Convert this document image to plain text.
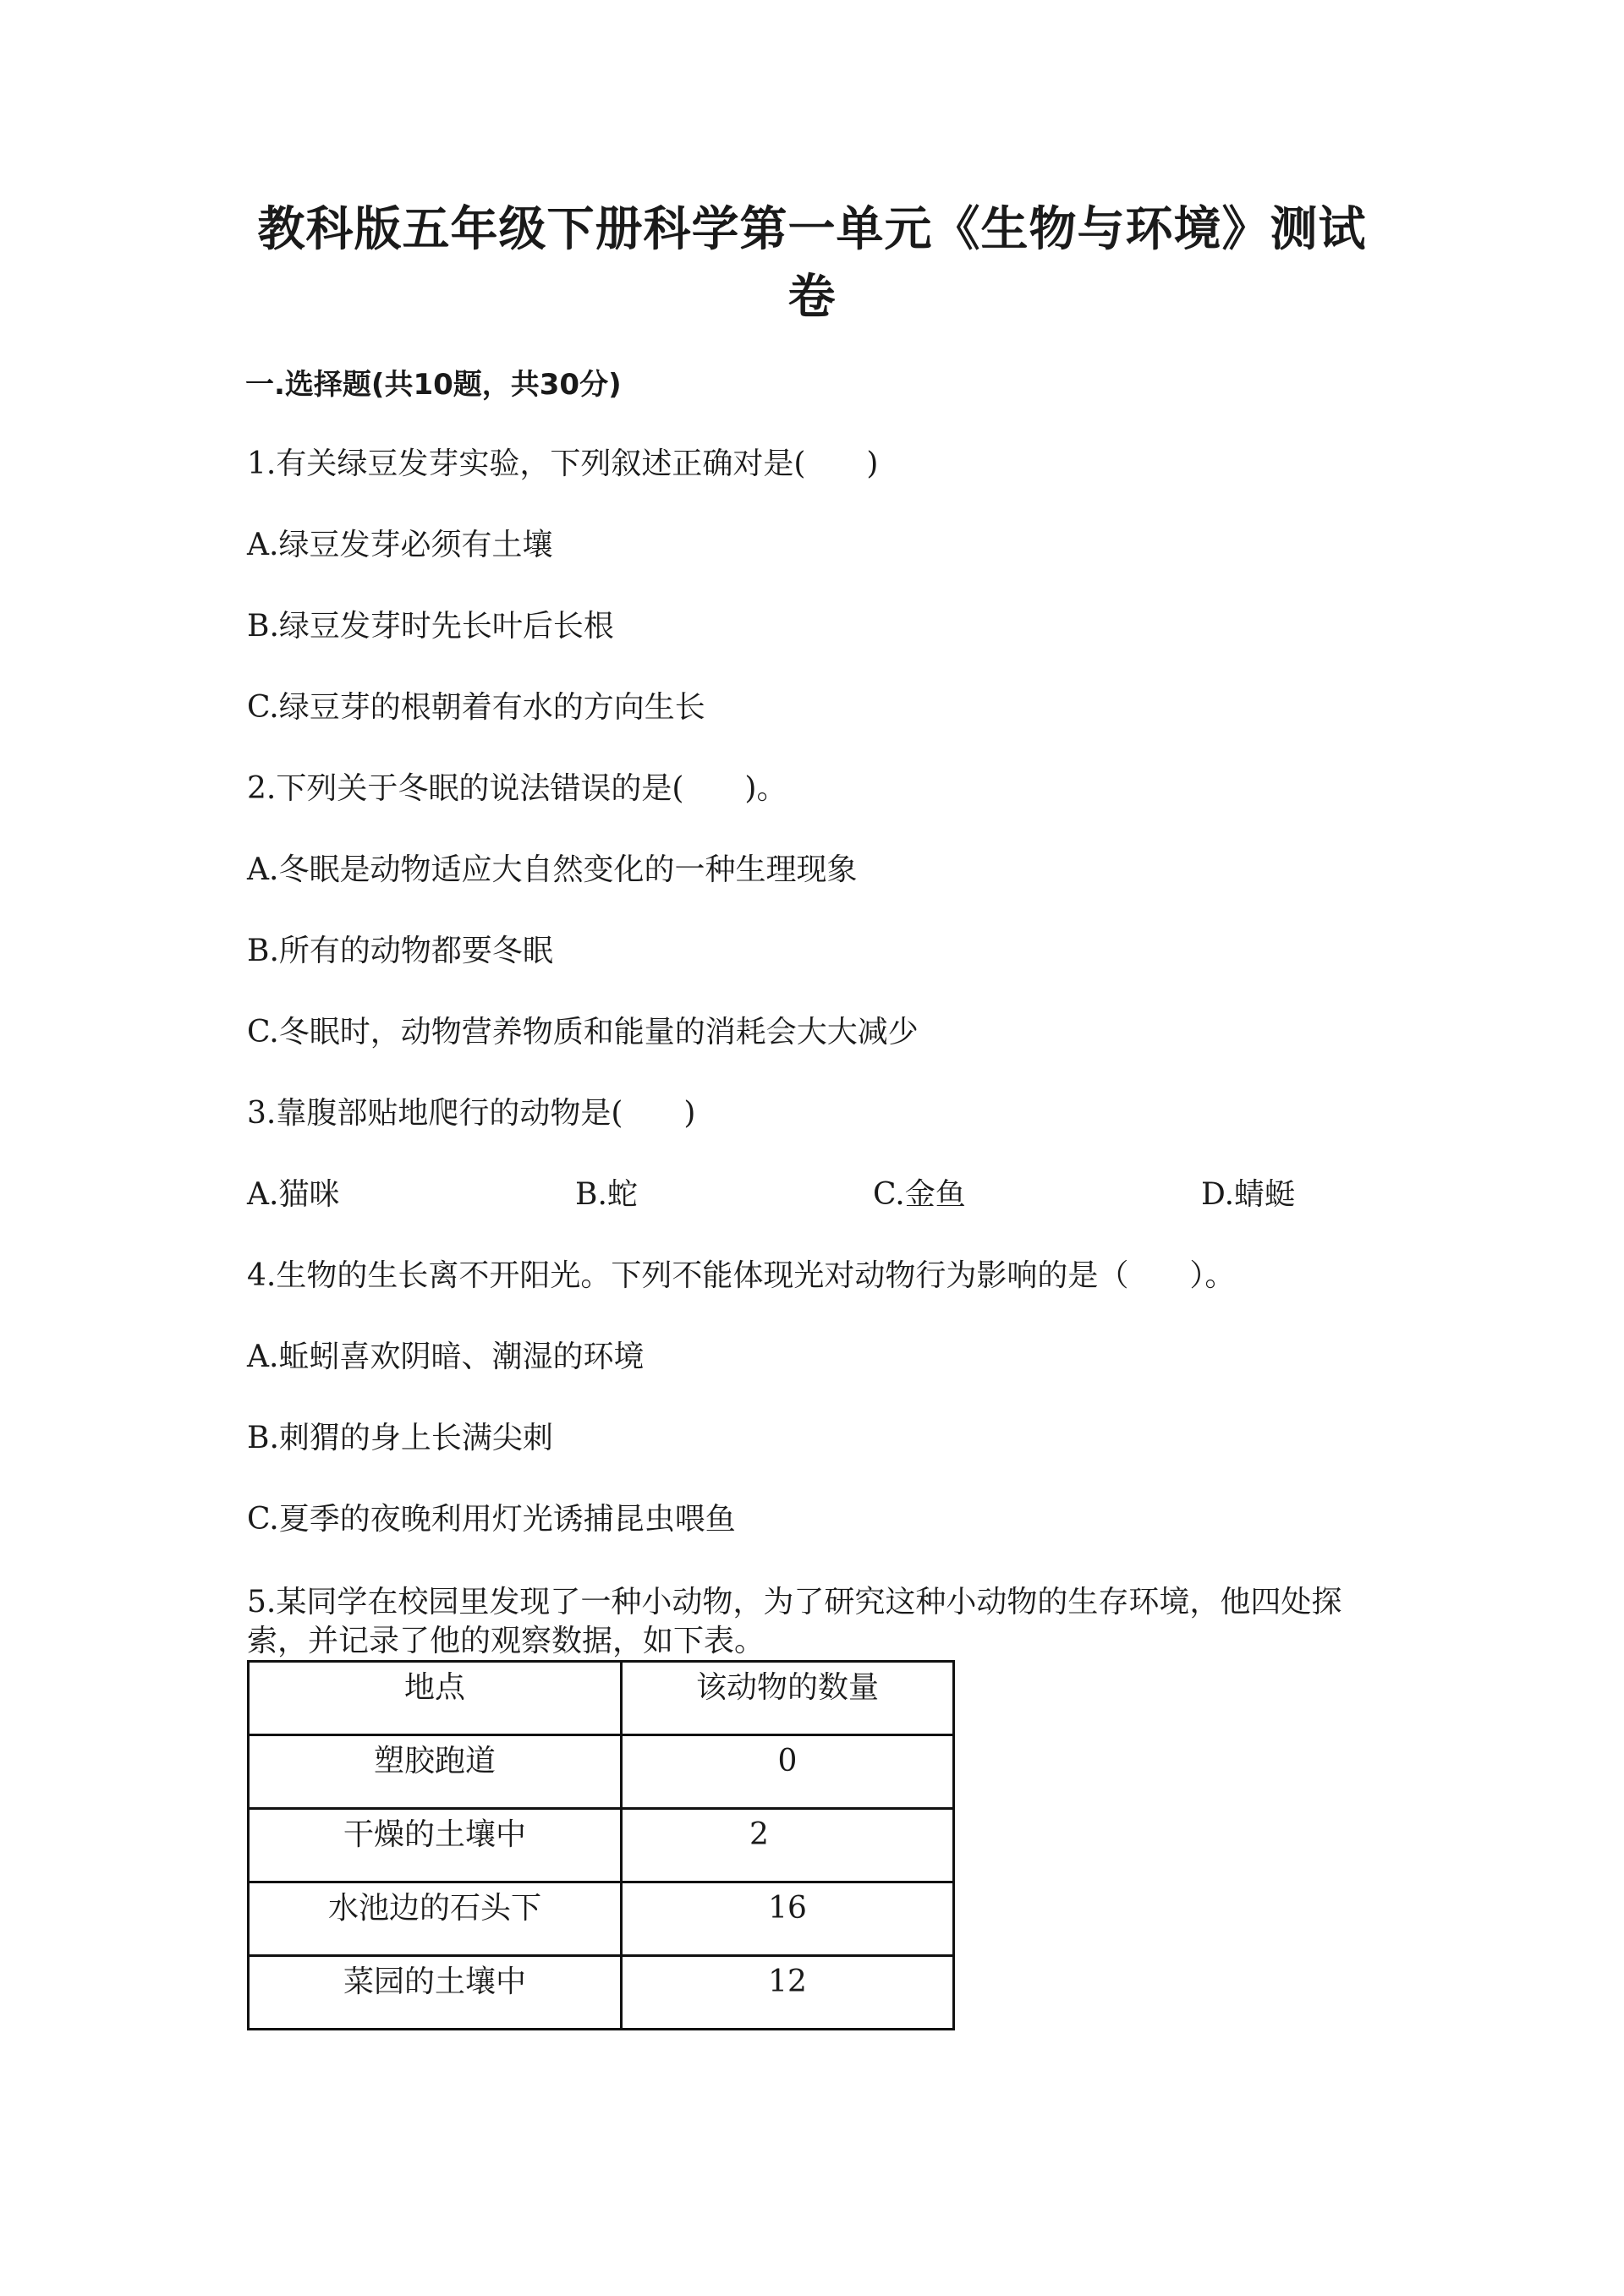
教科版五年级下册科学第一单元《生物与环境》测试卷
一.选择题(共10题，共30分)
1.有关绿豆发芽实验，下列叙述正确对是(　　)
A.绿豆发芽必须有土壤
B.绿豆发芽时先长叶后长根
C.绿豆芽的根朝着有水的方向生长
2.下列关于冬眠的说法错误的是(　　)。
A.冬眠是动物适应大自然变化的一种生理现象
B.所有的动物都要冬眠
C.冬眠时，动物营养物质和能量的消耗会大大减少
3.靠腹部贴地爬行的动物是(　　)
A.猫咪	B.蛇	C.金鱼	D.蜻蜓
4.生物的生长离不开阳光。下列不能体现光对动物行为影响的是（　　）。
A.蚯蚓喜欢阴暗、潮湿的环境
B.刺猬的身上长满尖刺
C.夏季的夜晚利用灯光诱捕昆虫喂鱼
5.某同学在校园里发现了一种小动物，为了研究这种小动物的生存环境，他四处探索，并记录了他的观察数据，如下表。
地点	该动物的数量
塑胶跑道	0
干燥的土壤中	2
水池边的石头下	16
菜园的土壤中	12
